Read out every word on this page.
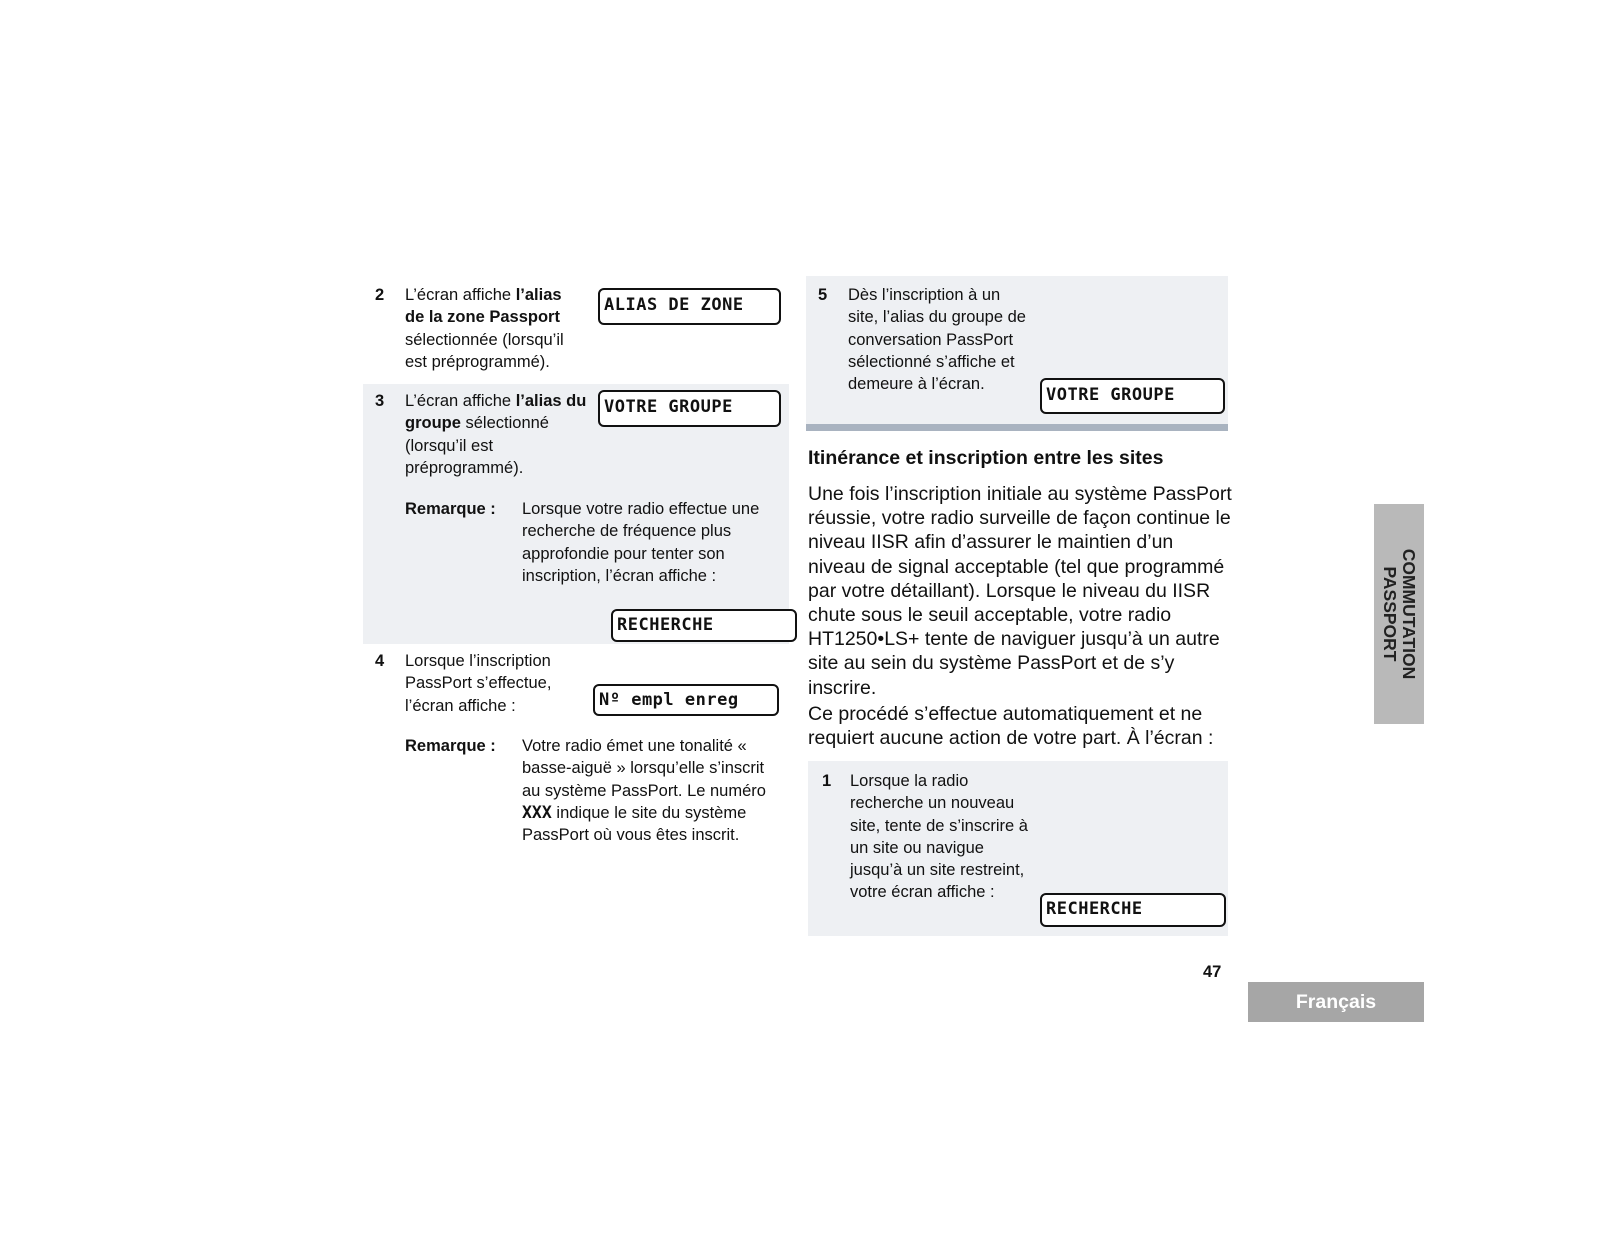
2 L’écran affiche l’alias de la zone Passport sélectionnée (lorsqu’il est préprogrammé).
ALIAS DE ZONE
3 L’écran affiche l’alias du groupe sélectionné (lorsqu’il est préprogrammé).
VOTRE GROUPE
Remarque : Lorsque votre radio effectue une recherche de fréquence plus approfondie pour tenter son inscription, l’écran affiche :
RECHERCHE
4 Lorsque l’inscription PassPort s’effectue, l’écran affiche :	Nº empl enreg
Remarque : Votre radio émet une tonalité « basse-aiguë » lorsqu’elle s’inscrit au système PassPort. Le numéro XXX indique le site du système PassPort où vous êtes inscrit.
5 Dès l’inscription à un site, l’alias du groupe de conversation PassPort sélectionné s’affiche et demeure à l’écran.
VOTRE GROUPE
Itinérance et inscription entre les sites
Une fois l’inscription initiale au système PassPort réussie, votre radio surveille de façon continue le niveau IISR afin d’assurer le maintien d’un niveau de signal acceptable (tel que programmé par votre détaillant). Lorsque le niveau du IISR chute sous le seuil acceptable, votre radio HT1250•LS+ tente de naviguer jusqu’à un autre site au sein du système PassPort et de s’y inscrire.
Ce procédé s’effectue automatiquement et ne requiert aucune action de votre part. À l’écran :
1 Lorsque la radio recherche un nouveau site, tente de s’inscrire à un site ou navigue jusqu’à un site restreint, votre écran affiche :
RECHERCHE
COMMUTATION
PASSPORT
47
Français
